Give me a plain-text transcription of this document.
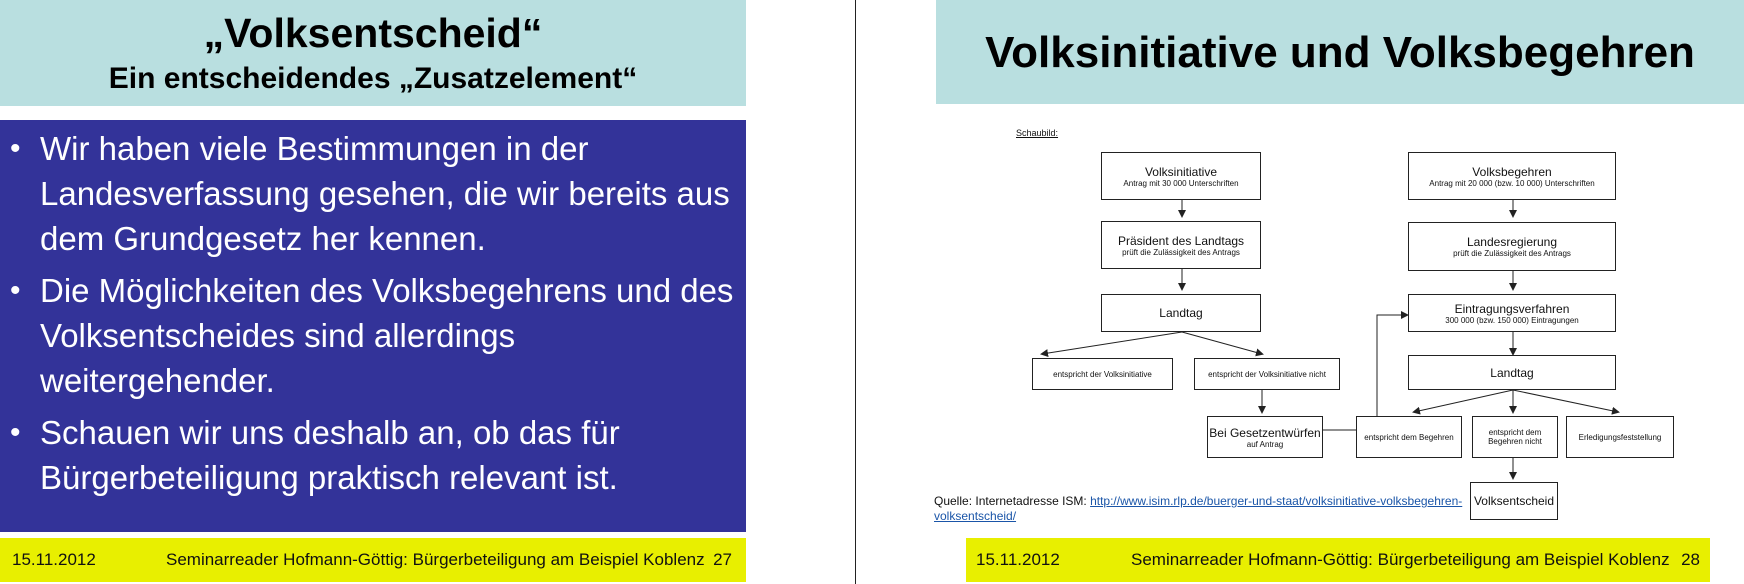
„Volksentscheid“
Ein entscheidendes „Zusatzelement“
• Wir haben viele Bestimmungen in der Landesverfassung gesehen, die wir bereits aus dem Grundgesetz her kennen.
• Die Möglichkeiten des Volksbegehrens und des Volksentscheides sind allerdings weitergehender.
• Schauen wir uns deshalb an, ob das für Bürgerbeteiligung praktisch relevant ist.
15.11.2012	Seminarreader Hofmann-Göttig: Bürgerbeteiligung am Beispiel Koblenz 27
Volksinitiative und Volksbegehren
Schaubild:
Volksinitiative
Antrag mit 30 000 Unterschriften
Präsident des Landtags
prüft die Zulässigkeit des Antrags
Landtag
entspricht der Volksinitiative	entspricht der Volksinitiative nicht
Bei Gesetzentwürfen
auf Antrag
Volksbegehren
Antrag mit 20 000 (bzw. 10 000) Unterschriften
Landesregierung
prüft die Zulässigkeit des Antrags
Eintragungsverfahren
300 000 (bzw. 150 000) Eintragungen
Landtag
entspricht dem Begehren	entspricht dem Begehren nicht	Erledigungsfeststellung
Volksentscheid
Quelle: Internetadresse ISM: http://www.isim.rlp.de/buerger-und-staat/volksinitiative-volksbegehren-volksentscheid/
15.11.2012	Seminarreader Hofmann-Göttig: Bürgerbeteiligung am Beispiel Koblenz 28
